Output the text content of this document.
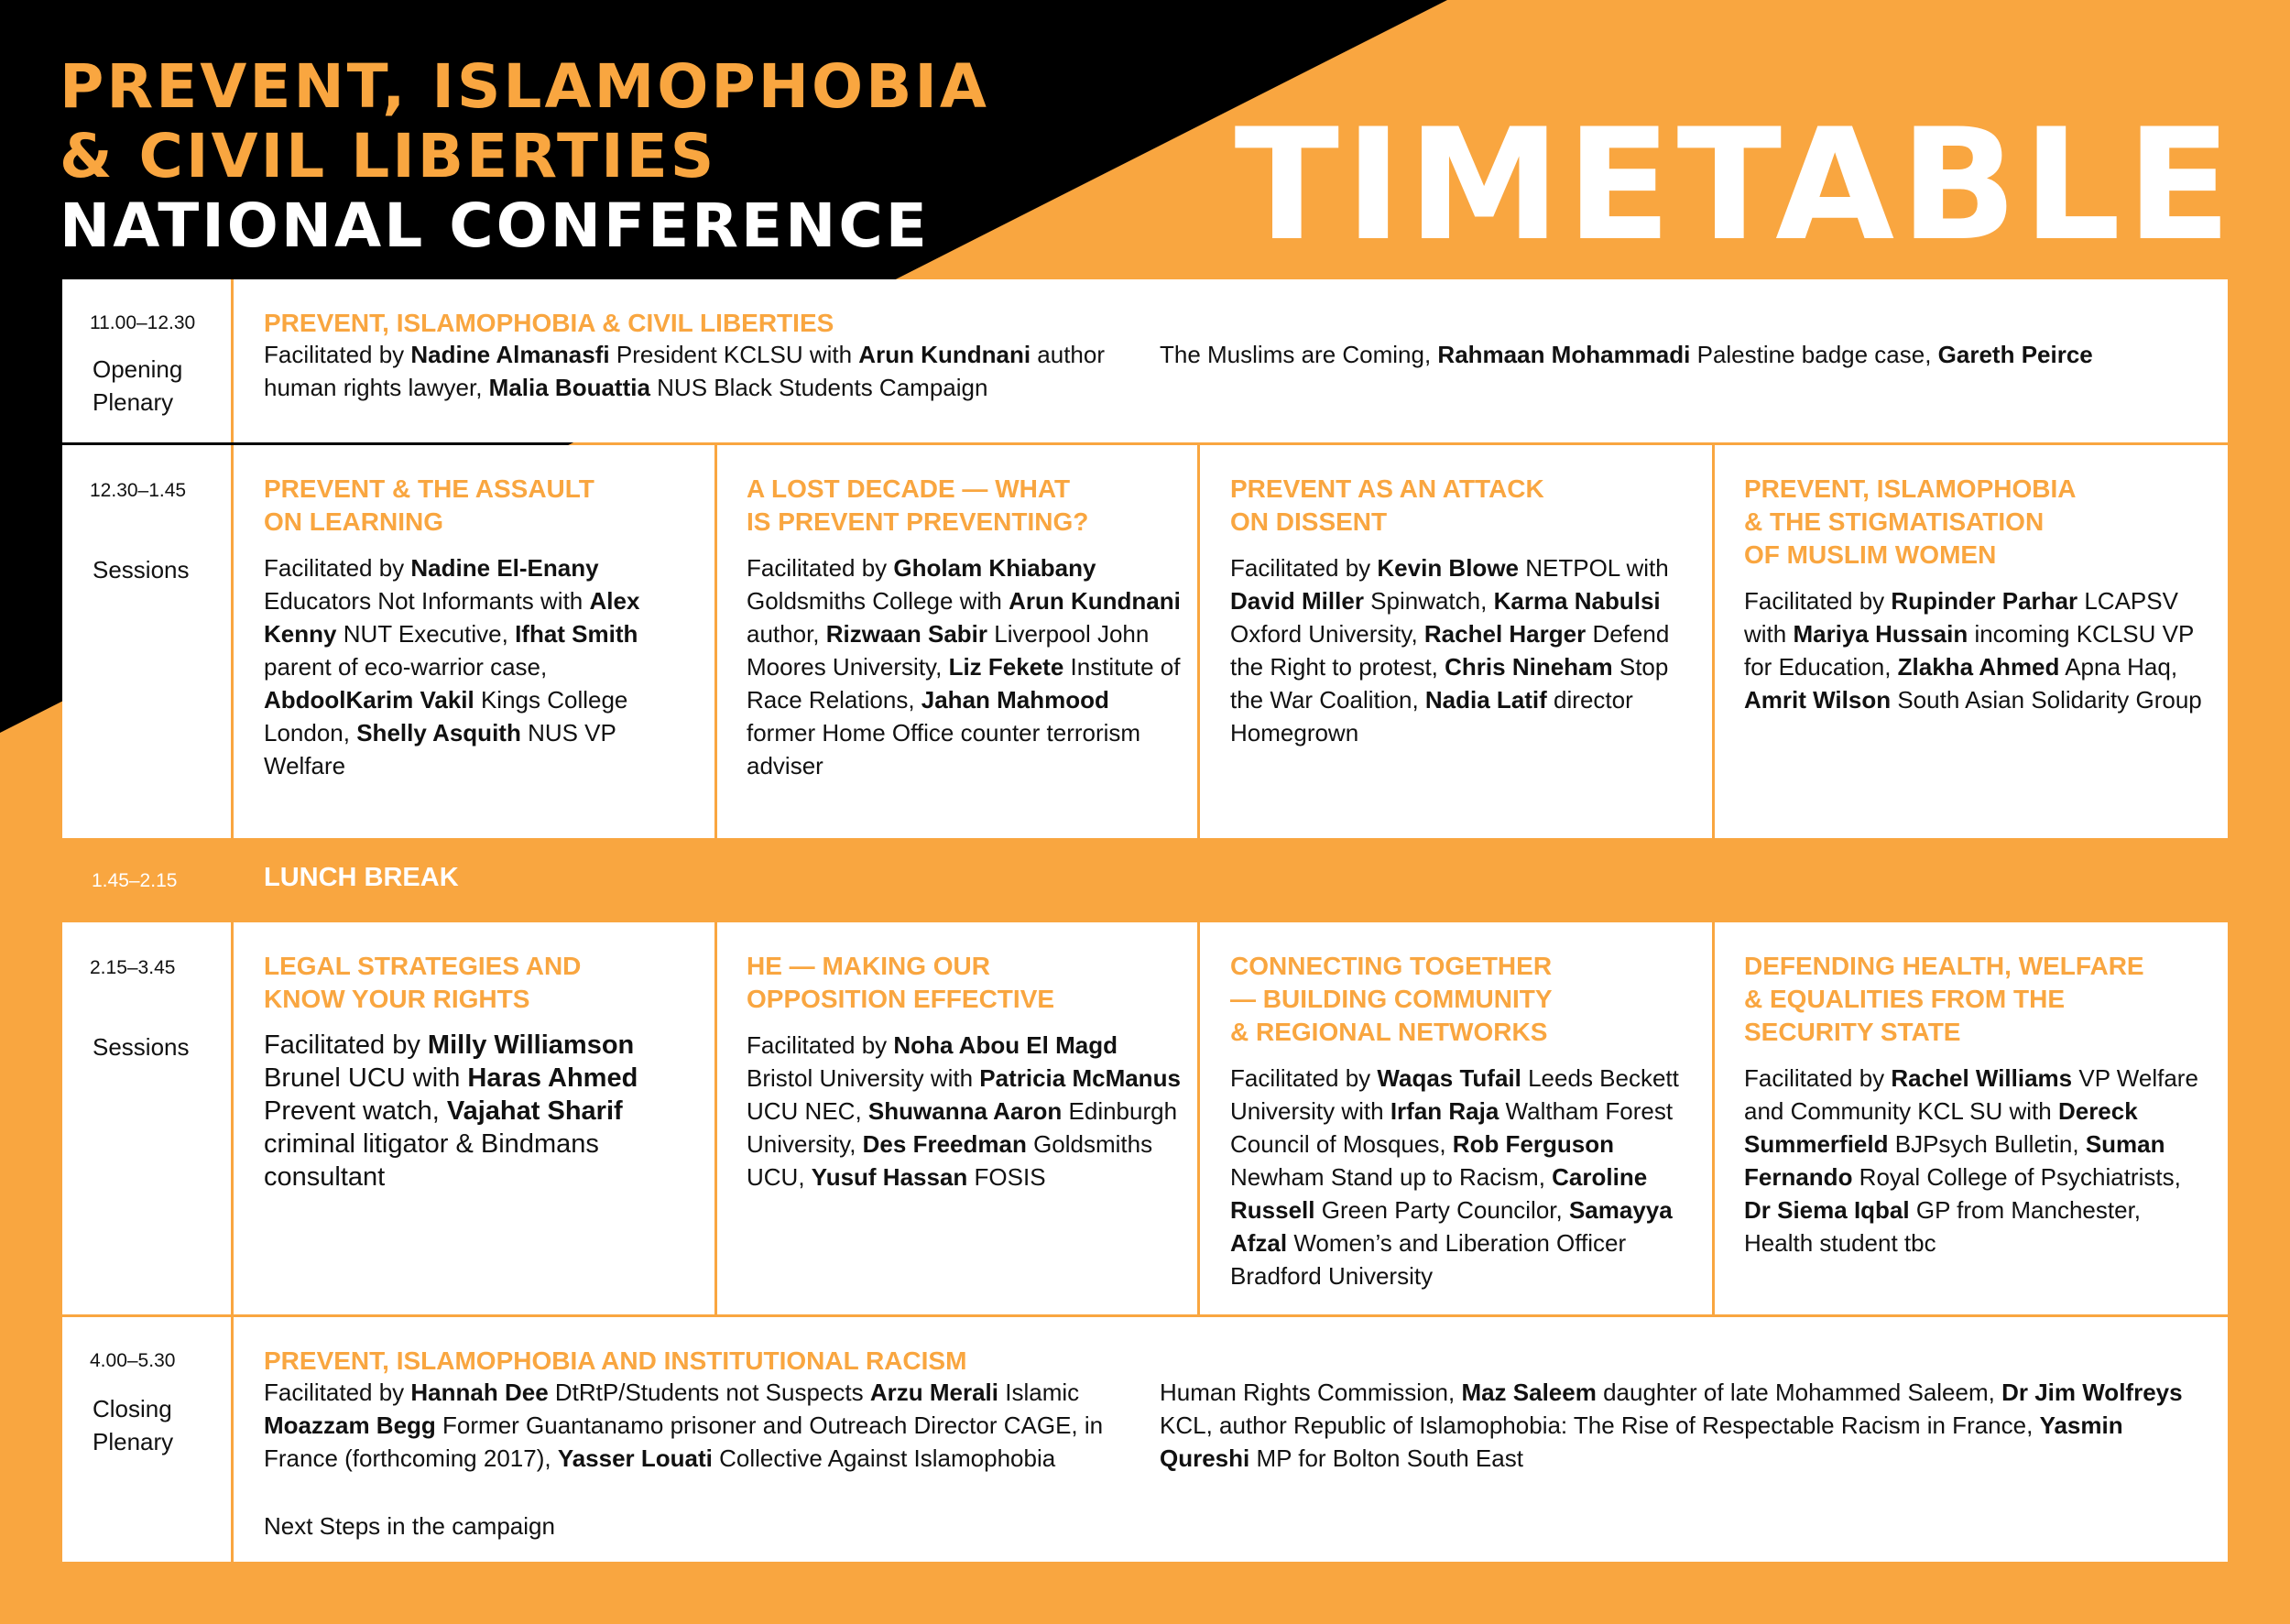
PREVENT, ISLAMOPHOBIA
& CIVIL LIBERTIES
NATIONAL CONFERENCE TIMETABLE
11.00–12.30
Opening Plenary
PREVENT, ISLAMOPHOBIA & CIVIL LIBERTIES
Facilitated by Nadine Almanasfi President KCLSU with Arun Kundnani author human rights lawyer, Malia Bouattia NUS Black Students Campaign
The Muslims are Coming, Rahmaan Mohammadi Palestine badge case, Gareth Peirce
12.30–1.45
Sessions
PREVENT & THE ASSAULT
ON LEARNING
Facilitated by Nadine El-Enany Educators Not Informants with Alex Kenny NUT Executive, Ifhat Smith parent of eco-warrior case, AbdoolKarim Vakil Kings College London, Shelly Asquith NUS VP Welfare
A LOST DECADE — WHAT
IS PREVENT PREVENTING?
Facilitated by Gholam Khiabany Goldsmiths College with Arun Kundnani author, Rizwaan Sabir Liverpool John Moores University, Liz Fekete Institute of Race Relations, Jahan Mahmood former Home Office counter terrorism adviser
PREVENT AS AN ATTACK
ON DISSENT
Facilitated by Kevin Blowe NETPOL with David Miller Spinwatch, Karma Nabulsi Oxford University, Rachel Harger Defend the Right to protest, Chris Nineham Stop the War Coalition, Nadia Latif director Homegrown
PREVENT, ISLAMOPHOBIA
& THE STIGMATISATION
OF MUSLIM WOMEN
Facilitated by Rupinder Parhar LCAPSV with Mariya Hussain incoming KCLSU VP for Education, Zlakha Ahmed Apna Haq, Amrit Wilson South Asian Solidarity Group
1.45–2.15	LUNCH BREAK
2.15–3.45
Sessions
LEGAL STRATEGIES AND
KNOW YOUR RIGHTS
Facilitated by Milly Williamson Brunel UCU with Haras Ahmed Prevent watch, Vajahat Sharif criminal litigator & Bindmans consultant
HE — MAKING OUR
OPPOSITION EFFECTIVE
Facilitated by Noha Abou El Magd Bristol University with Patricia McManus UCU NEC, Shuwanna Aaron Edinburgh University, Des Freedman Goldsmiths UCU, Yusuf Hassan FOSIS
CONNECTING TOGETHER
— BUILDING COMMUNITY
& REGIONAL NETWORKS
Facilitated by Waqas Tufail Leeds Beckett University with Irfan Raja Waltham Forest Council of Mosques, Rob Ferguson Newham Stand up to Racism, Caroline Russell Green Party Councilor, Samayya Afzal Women’s and Liberation Officer Bradford University
DEFENDING HEALTH, WELFARE
& EQUALITIES FROM THE
SECURITY STATE
Facilitated by Rachel Williams VP Welfare and Community KCL SU with Dereck Summerfield BJPsych Bulletin, Suman Fernando Royal College of Psychiatrists, Dr Siema Iqbal GP from Manchester, Health student tbc
4.00–5.30
Closing Plenary
PREVENT, ISLAMOPHOBIA AND INSTITUTIONAL RACISM
Facilitated by Hannah Dee DtRtP/Students not Suspects Arzu Merali Islamic Moazzam Begg Former Guantanamo prisoner and Outreach Director CAGE, in France (forthcoming 2017), Yasser Louati Collective Against Islamophobia
Human Rights Commission, Maz Saleem daughter of late Mohammed Saleem, Dr Jim Wolfreys KCL, author Republic of Islamophobia: The Rise of Respectable Racism in France, Yasmin Qureshi MP for Bolton South East
Next Steps in the campaign
